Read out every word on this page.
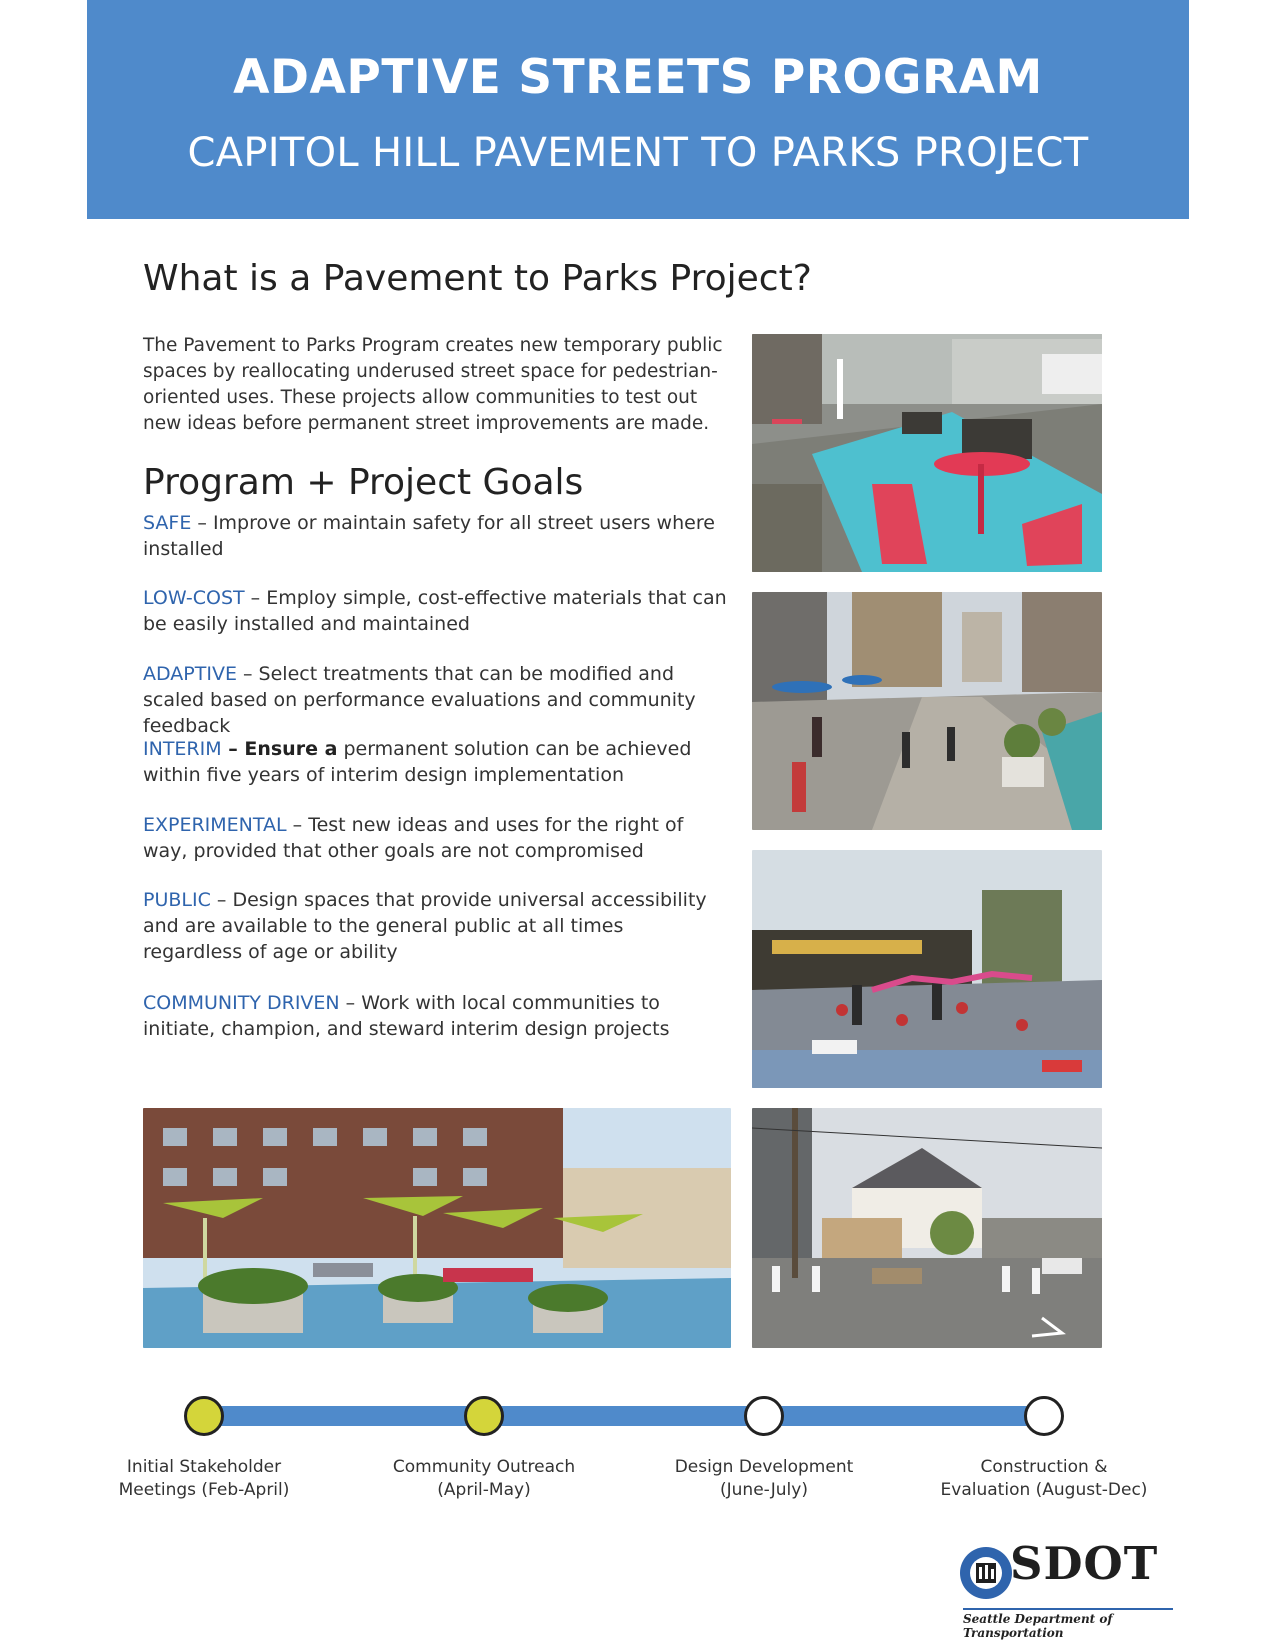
ADAPTIVE STREETS PROGRAM
CAPITOL HILL PAVEMENT TO PARKS PROJECT
What is a Pavement to Parks Project?
The Pavement to Parks Program creates new temporary public spaces by reallocating underused street space for pedestrian-oriented uses. These projects allow communities to test out new ideas before permanent street improvements are made.
Program + Project Goals
SAFE – Improve or maintain safety for all street users where installed
LOW-COST – Employ simple, cost-effective materials that can be easily installed and maintained
ADAPTIVE – Select treatments that can be modified and scaled based on performance evaluations and community feedback
INTERIM – Ensure a permanent solution can be achieved within five years of interim design implementation
EXPERIMENTAL – Test new ideas and uses for the right of way, provided that other goals are not compromised
PUBLIC – Design spaces that provide universal accessibility and are available to the general public at all times regardless of age or ability
COMMUNITY DRIVEN – Work with local communities to initiate, champion, and steward interim design projects
Initial Stakeholder
Meetings (Feb-April)
Community Outreach
(April-May)
Design Development
(June-July)
Construction &
Evaluation (August-Dec)
SDOT
Seattle Department of Transportation
